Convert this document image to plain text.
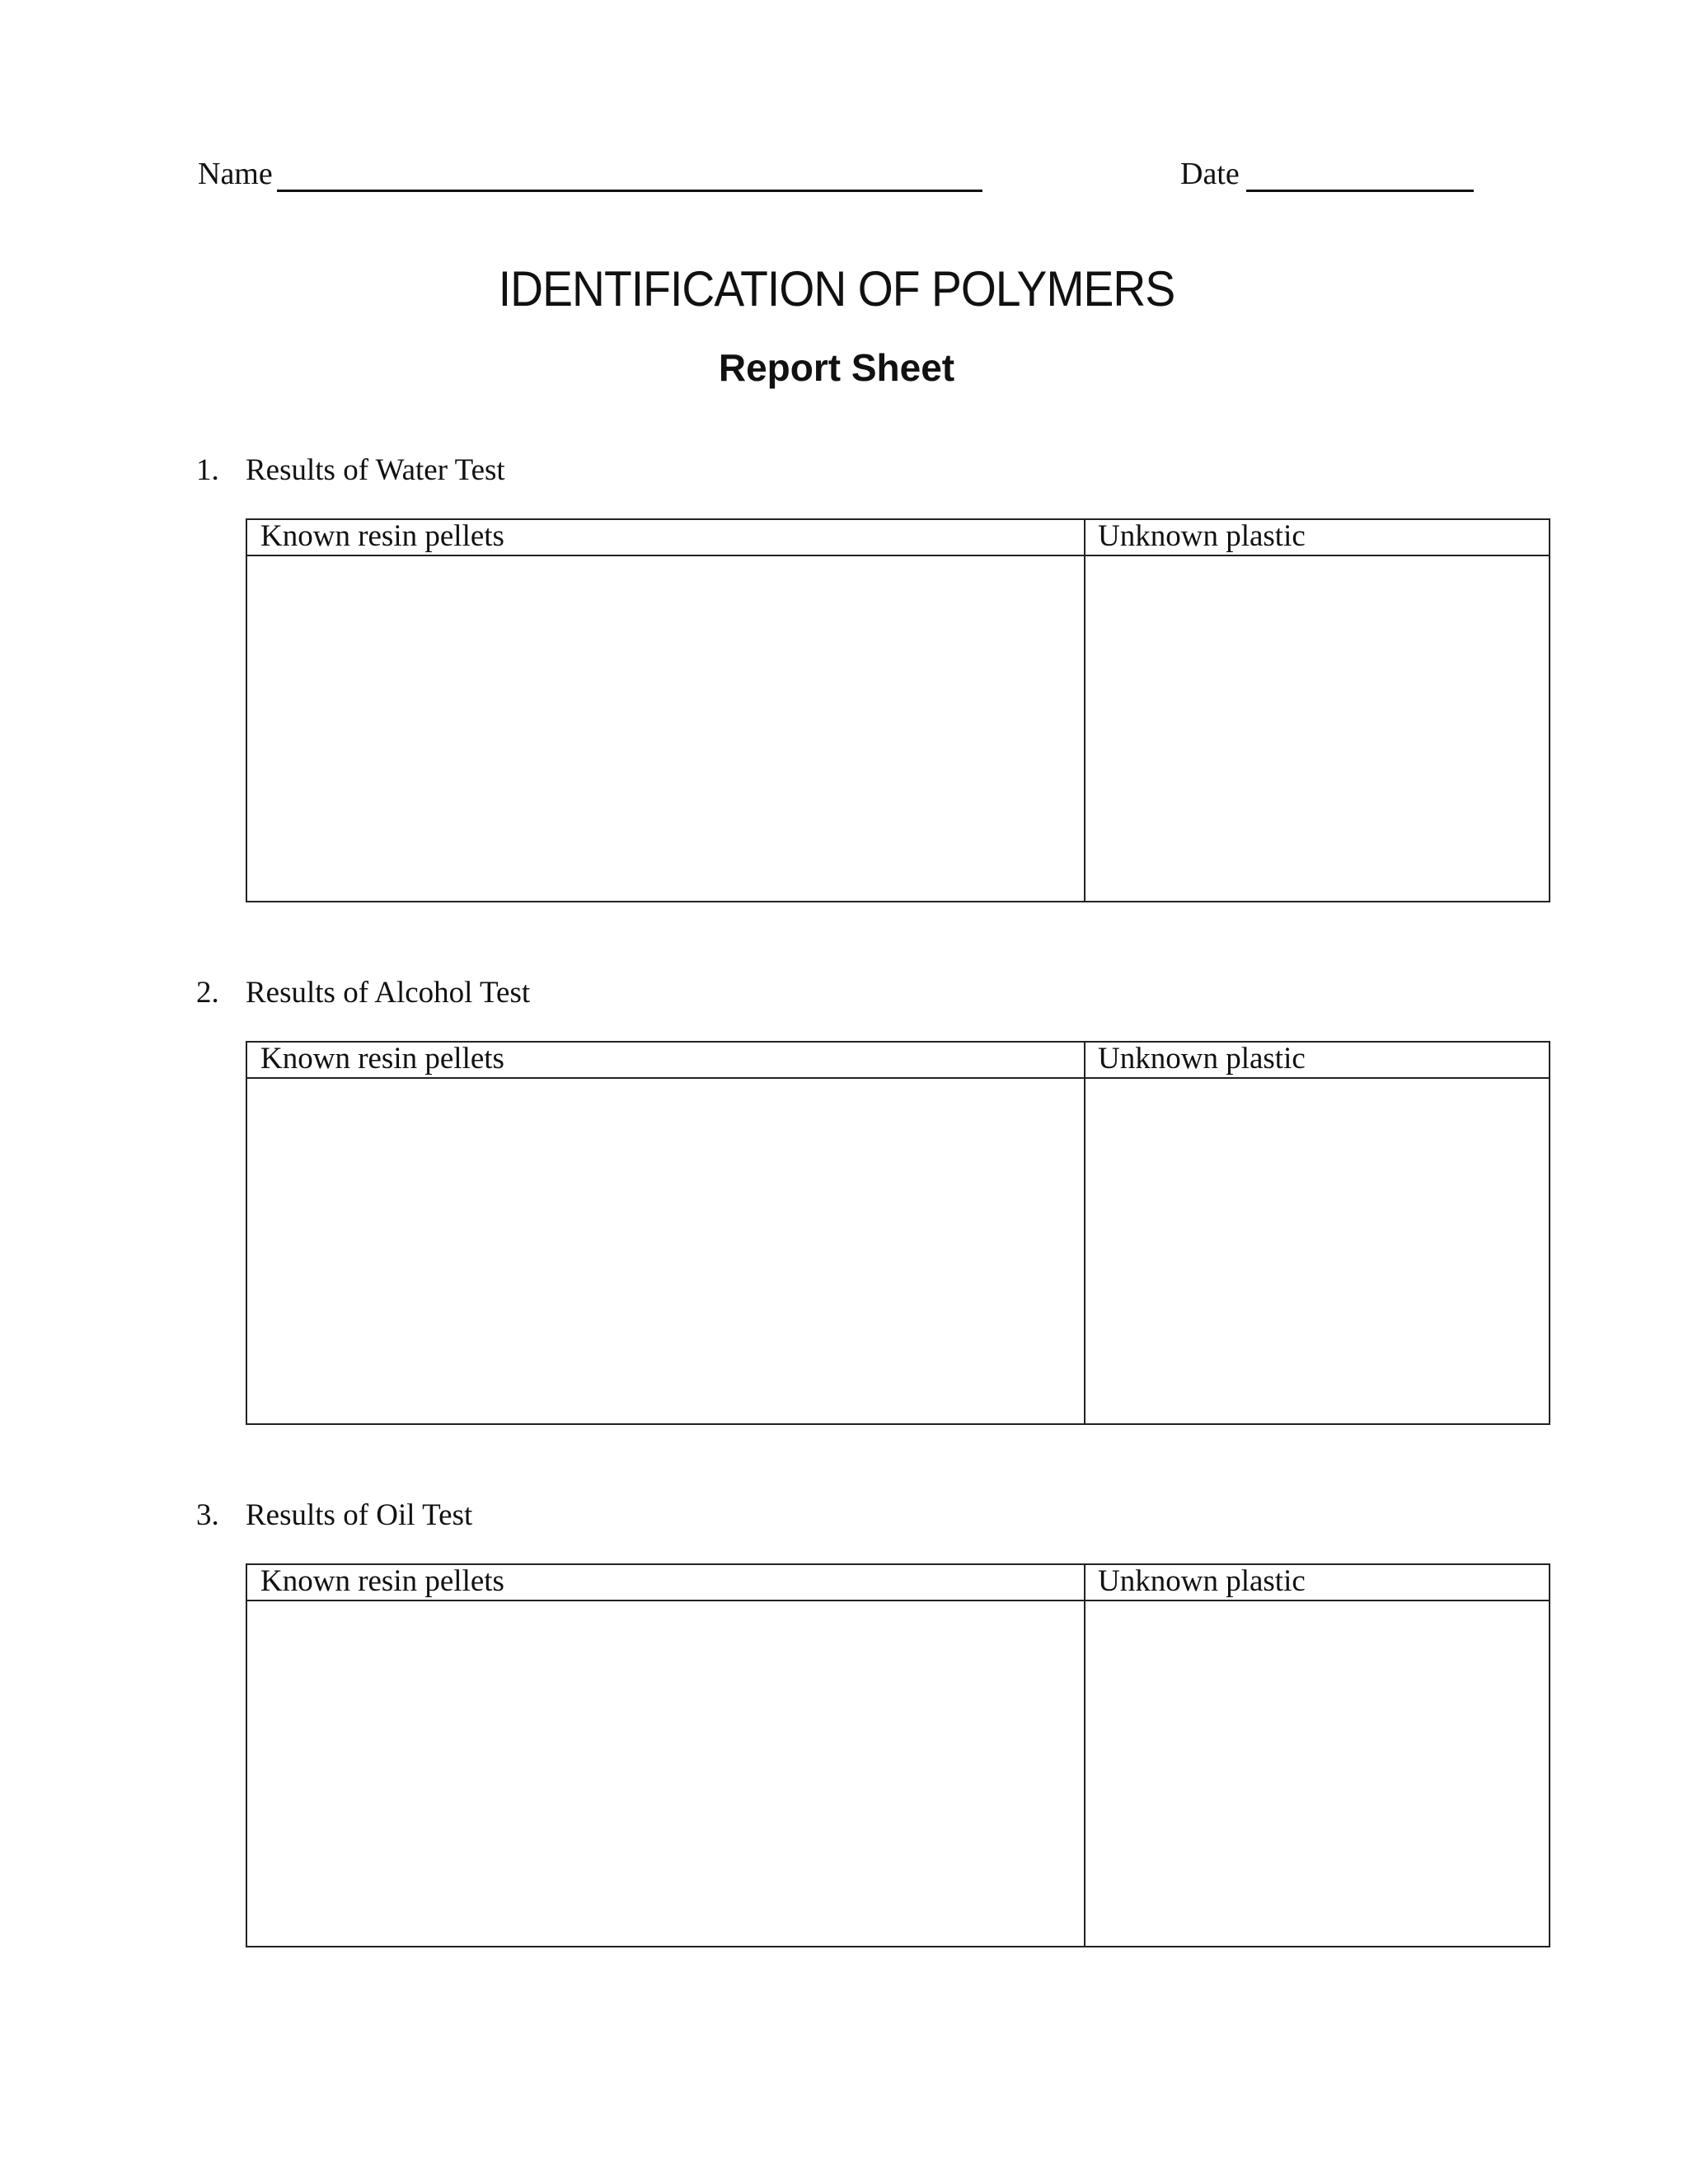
Name	Date
IDENTIFICATION OF POLYMERS
Report Sheet
1. Results of Water Test
Known resin pellets	Unknown plastic
2. Results of Alcohol Test
Known resin pellets	Unknown plastic
3. Results of Oil Test
Known resin pellets	Unknown plastic
